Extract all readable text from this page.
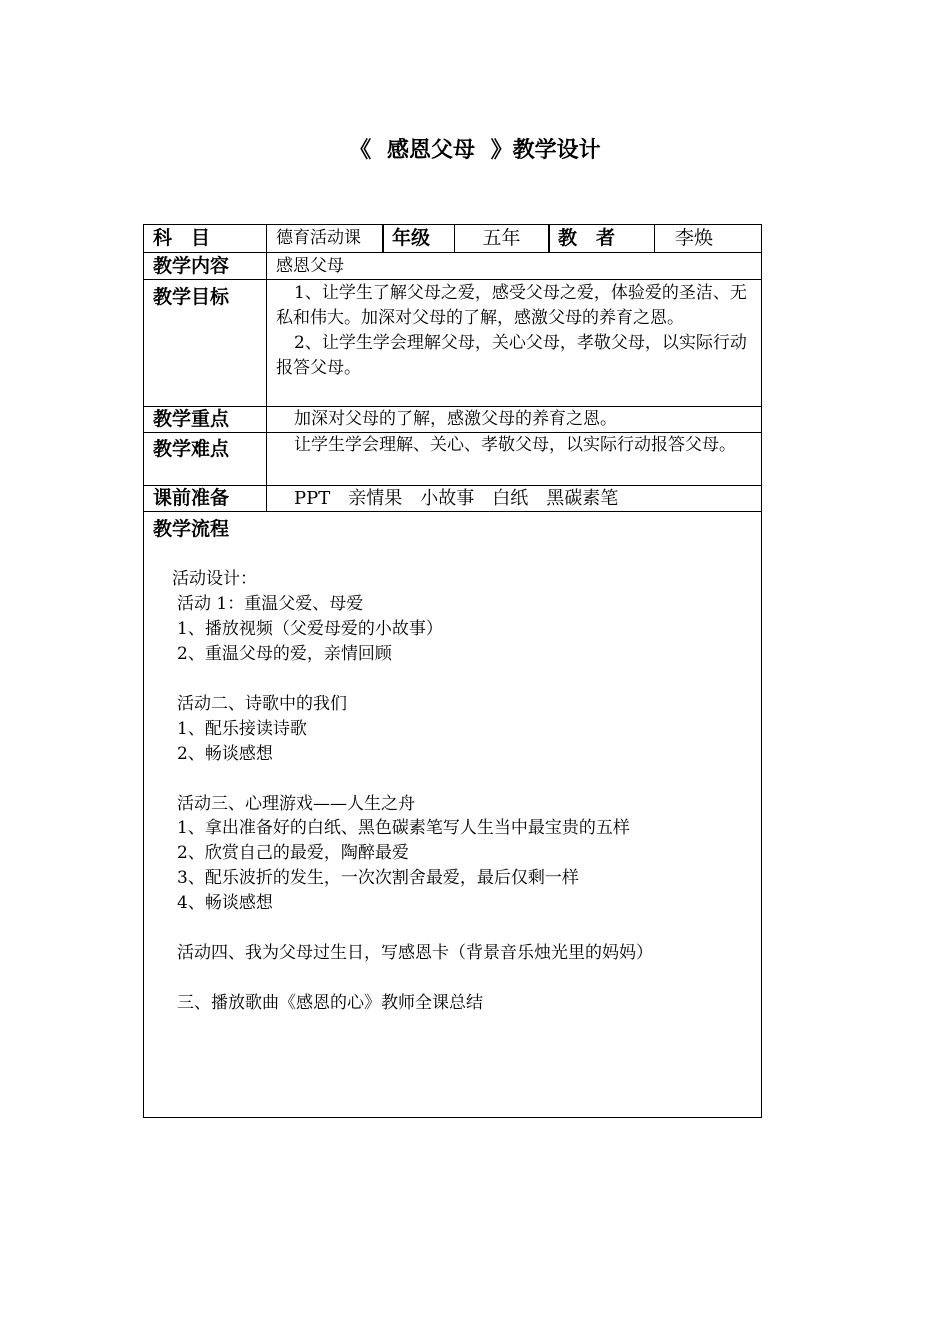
《 感恩父母 》教学设计
科　目	德育活动课	年级	五年	教　者	李焕
教学内容	感恩父母
教学目标	1、让学生了解父母之爱，感受父母之爱，体验爱的圣洁、无私和伟大。加深对父母的了解，感激父母的养育之恩。

2、让学生学会理解父母，关心父母，孝敬父母，以实际行动报答父母。

教学重点	加深对父母的了解，感激父母的养育之恩。
教学难点	让学生学会理解、关心、孝敬父母，以实际行动报答父母。

课前准备	PPT　亲情果　小故事　白纸　黑碳素笔
教学流程
活动设计：
活动 1：重温父爱、母爱
1、播放视频（父爱母爱的小故事）
2、重温父母的爱，亲情回顾
活动二、诗歌中的我们
1、配乐接读诗歌
2、畅谈感想
活动三、心理游戏——人生之舟
1、拿出准备好的白纸、黑色碳素笔写人生当中最宝贵的五样
2、欣赏自己的最爱，陶醉最爱
3、配乐波折的发生，一次次割舍最爱，最后仅剩一样
4、畅谈感想
活动四、我为父母过生日，写感恩卡（背景音乐烛光里的妈妈）
三、播放歌曲《感恩的心》教师全课总结
